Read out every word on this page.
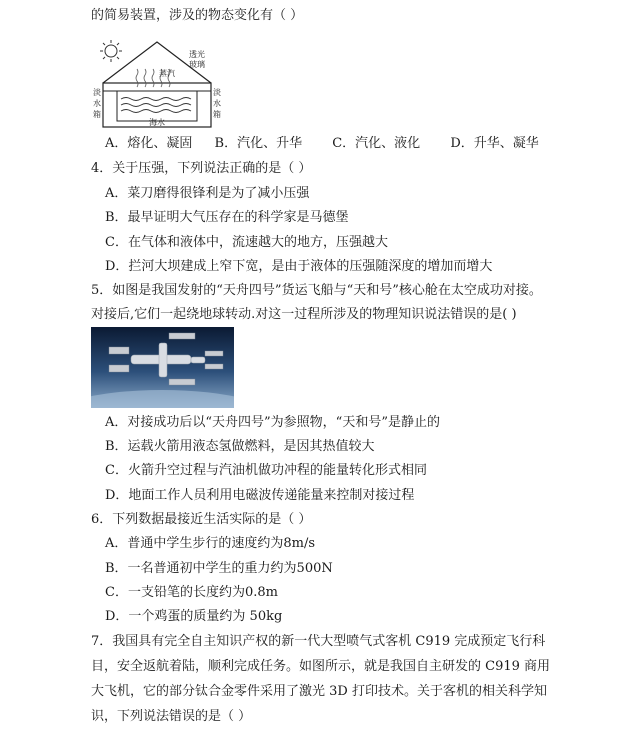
的简易装置，涉及的物态变化有（ ）
透光
玻璃
蒸汽
淡
水
箱
淡
水
箱
海水
A．熔化、凝固 B．汽化、升华 C．汽化、液化 D．升华、凝华
4．关于压强，下列说法正确的是（ ）
A．菜刀磨得很锋利是为了减小压强
B．最早证明大气压存在的科学家是马德堡
C．在气体和液体中，流速越大的地方，压强越大
D．拦河大坝建成上窄下宽，是由于液体的压强随深度的增加而增大
5．如图是我国发射的“天舟四号”货运飞船与“天和号”核心舱在太空成功对接。
对接后,它们一起绕地球转动.对这一过程所涉及的物理知识说法错误的是( )
A．对接成功后以“天舟四号”为参照物，“天和号”是静止的
B．运载火箭用液态氢做燃料，是因其热值较大
C．火箭升空过程与汽油机做功冲程的能量转化形式相同
D．地面工作人员利用电磁波传递能量来控制对接过程
6．下列数据最接近生活实际的是（ ）
A．普通中学生步行的速度约为8m/s
B．一名普通初中学生的重力约为500N
C．一支铅笔的长度约为0.8m
D．一个鸡蛋的质量约为 50kg
7．我国具有完全自主知识产权的新一代大型喷气式客机 C919 完成预定飞行科
目，安全返航着陆，顺利完成任务。如图所示，就是我国自主研发的 C919 商用
大飞机，它的部分钛合金零件采用了激光 3D 打印技术。关于客机的相关科学知
识，下列说法错误的是（ ）
